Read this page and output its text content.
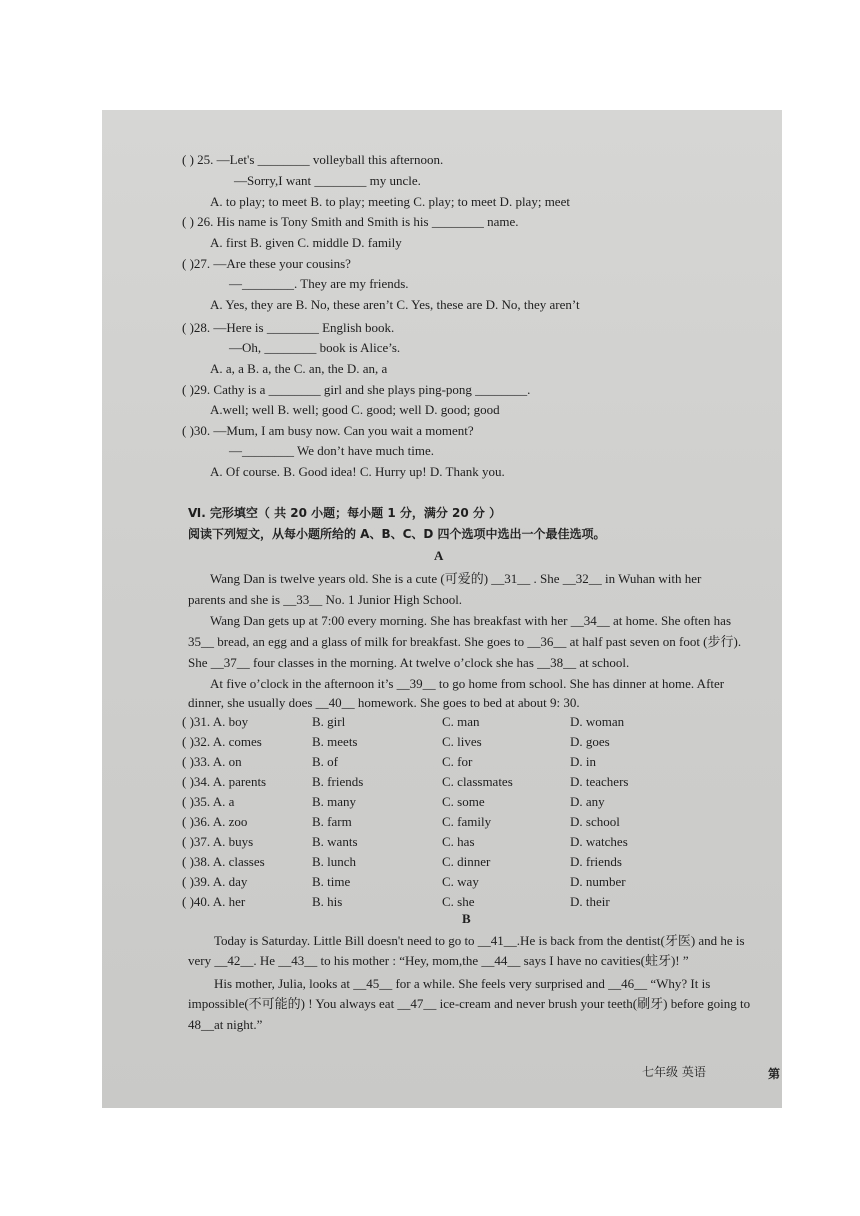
( ) 25. —Let's ________ volleyball this afternoon.
—Sorry,I want ________ my uncle.
A. to play; to meet B. to play; meeting C. play; to meet D. play; meet
( ) 26. His name is Tony Smith and Smith is his ________ name.
A. first B. given C. middle D. family
( )27. —Are these your cousins?
—________. They are my friends.
A. Yes, they are B. No, these aren’t C. Yes, these are D. No, they aren’t
( )28. —Here is ________ English book.
—Oh, ________ book is Alice’s.
A. a, a B. a, the C. an, the D. an, a
( )29. Cathy is a ________ girl and she plays ping-pong ________.
A.well; well B. well; good C. good; well D. good; good
( )30. —Mum, I am busy now. Can you wait a moment?
—________ We don’t have much time.
A. Of course. B. Good idea! C. Hurry up! D. Thank you.
Ⅵ. 完形填空（ 共 20 小题；每小题 1 分，满分 20 分 ）
阅读下列短文，从每小题所给的 A、B、C、D 四个选项中选出一个最佳选项。
A
Wang Dan is twelve years old. She is a cute (可爱的) __31__ . She __32__ in Wuhan with her
parents and she is __33__ No. 1 Junior High School.
Wang Dan gets up at 7:00 every morning. She has breakfast with her __34__ at home. She often has
35__ bread, an egg and a glass of milk for breakfast. She goes to __36__ at half past seven on foot (步行).
She __37__ four classes in the morning. At twelve o’clock she has __38__ at school.
At five o’clock in the afternoon it’s __39__ to go home from school. She has dinner at home. After
dinner, she usually does __40__ homework. She goes to bed at about 9: 30.
( )31. A. boy	B. girl	C. man	D. woman
( )32. A. comes	B. meets	C. lives	D. goes
( )33. A. on	B. of	C. for	D. in
( )34. A. parents	B. friends	C. classmates	D. teachers
( )35. A. a	B. many	C. some	D. any
( )36. A. zoo	B. farm	C. family	D. school
( )37. A. buys	B. wants	C. has	D. watches
( )38. A. classes	B. lunch	C. dinner	D. friends
( )39. A. day	B. time	C. way	D. number
( )40. A. her	B. his	C. she	D. their
B
Today is Saturday. Little Bill doesn't need to go to __41__.He is back from the dentist(牙医) and he is
very __42__. He __43__ to his mother : “Hey, mom,the __44__ says I have no cavities(蛀牙)! ”
His mother, Julia, looks at __45__ for a while. She feels very surprised and __46__ “Why? It is
impossible(不可能的) ! You always eat __47__ ice-cream and never brush your teeth(刷牙) before going to
48__at night.”
七年级 英语	第
